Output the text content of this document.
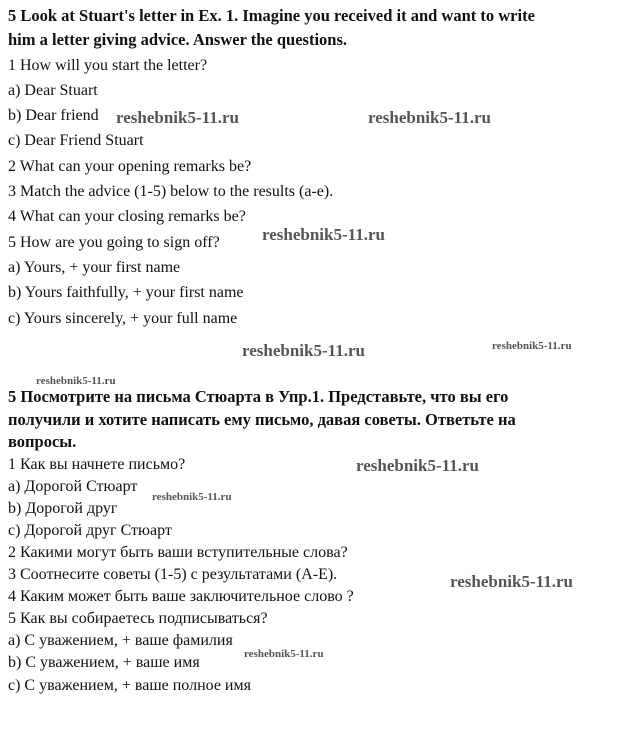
5 Look at Stuart's letter in Ex. 1. Imagine you received it and want to write
him a letter giving advice. Answer the questions.
1 How will you start the letter?
a) Dear Stuart
b) Dear friend
c) Dear Friend Stuart
2 What can your opening remarks be?
3 Match the advice (1-5) below to the results (a-e).
4 What can your closing remarks be?
5 How are you going to sign off?
a) Yours, + your first name
b) Yours faithfully, + your first name
c) Yours sincerely, + your full name
5 Посмотрите на письма Стюарта в Упр.1. Представьте, что вы его
получили и хотите написать ему письмо, давая советы. Ответьте на
вопросы.
1 Как вы начнете письмо?
а) Дорогой Стюарт
b) Дорогой друг
c) Дорогой друг Стюарт
2 Какими могут быть ваши вступительные слова?
3 Соотнесите советы (1-5) с результатами (А-Е).
4 Каким может быть ваше заключительное слово ?
5 Как вы собираетесь подписываться?
а) С уважением, + ваше фамилия
b) С уважением, + ваше имя
c) С уважением, + ваше полное имя
reshebnik5-11.ru	reshebnik5-11.ru
reshebnik5-11.ru
reshebnik5-11.ru	reshebnik5-11.ru
reshebnik5-11.ru
reshebnik5-11.ru
reshebnik5-11.ru
reshebnik5-11.ru
reshebnik5-11.ru
